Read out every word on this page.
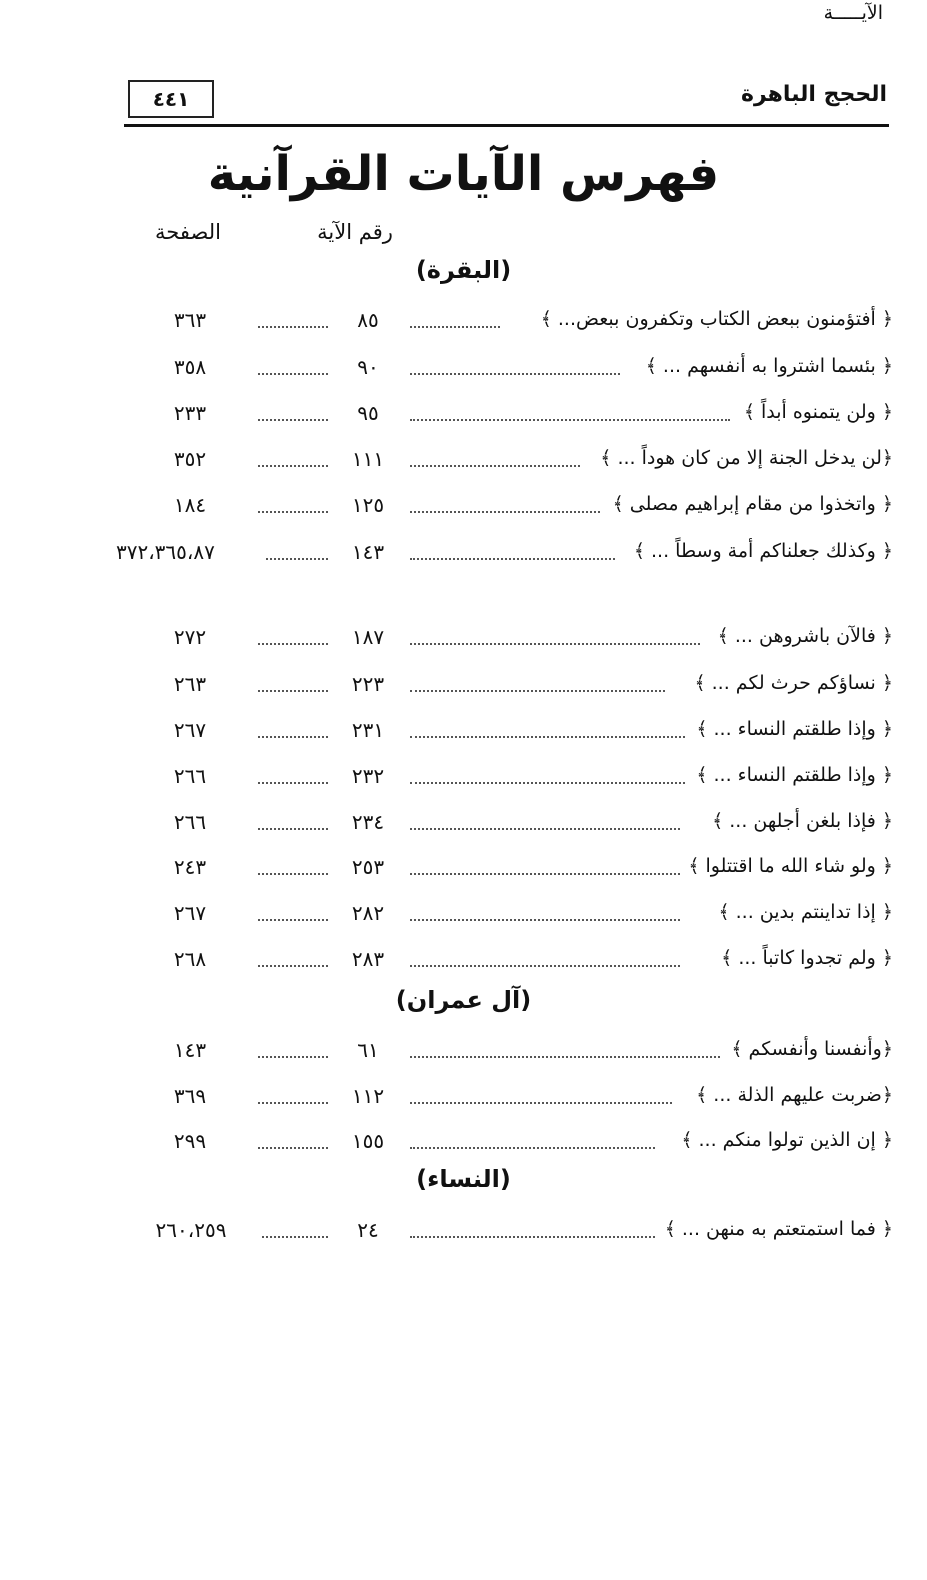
٤٤١	الحجج الباهرة
فهرس الآيات القرآنية
الآيـــــة
رقم الآية
الصفحة
(البقرة)
﴿ أفتؤمنون ببعض الكتاب وتكفرون ببعض... ﴾
٨٥
٣٦٣
﴿ بئسما اشتروا به أنفسهم ... ﴾
٩٠
٣٥٨
﴿ ولن يتمنوه أبداً ﴾
٩٥
٢٣٣
﴿لن يدخل الجنة إلا من كان هوداً ... ﴾
١١١
٣٥٢
﴿ واتخذوا من مقام إبراهيم مصلى ﴾
١٢٥
١٨٤
﴿ وكذلك جعلناكم أمة وسطاً ... ﴾
١٤٣
٣٧٢،٣٦٥،٨٧
﴿ فالآن باشروهن ... ﴾
١٨٧
٢٧٢
﴿ نساؤكم حرث لكم ... ﴾
٢٢٣
٢٦٣
﴿ وإذا طلقتم النساء ... ﴾
٢٣١
٢٦٧
﴿ وإذا طلقتم النساء ... ﴾
٢٣٢
٢٦٦
﴿ فإذا بلغن أجلهن ... ﴾
٢٣٤
٢٦٦
﴿ ولو شاء الله ما اقتتلوا ﴾
٢٥٣
٢٤٣
﴿ إذا تداينتم بدين ... ﴾
٢٨٢
٢٦٧
﴿ ولم تجدوا كاتباً ... ﴾
٢٨٣
٢٦٨
(آل عمران)
﴿وأنفسنا وأنفسكم ﴾
٦١
١٤٣
﴿ضربت عليهم الذلة ... ﴾
١١٢
٣٦٩
﴿ إن الذين تولوا منكم ... ﴾
١٥٥
٢٩٩
(النساء)
﴿ فما استمتعتم به منهن ... ﴾
٢٤
٢٦٠،٢٥٩
